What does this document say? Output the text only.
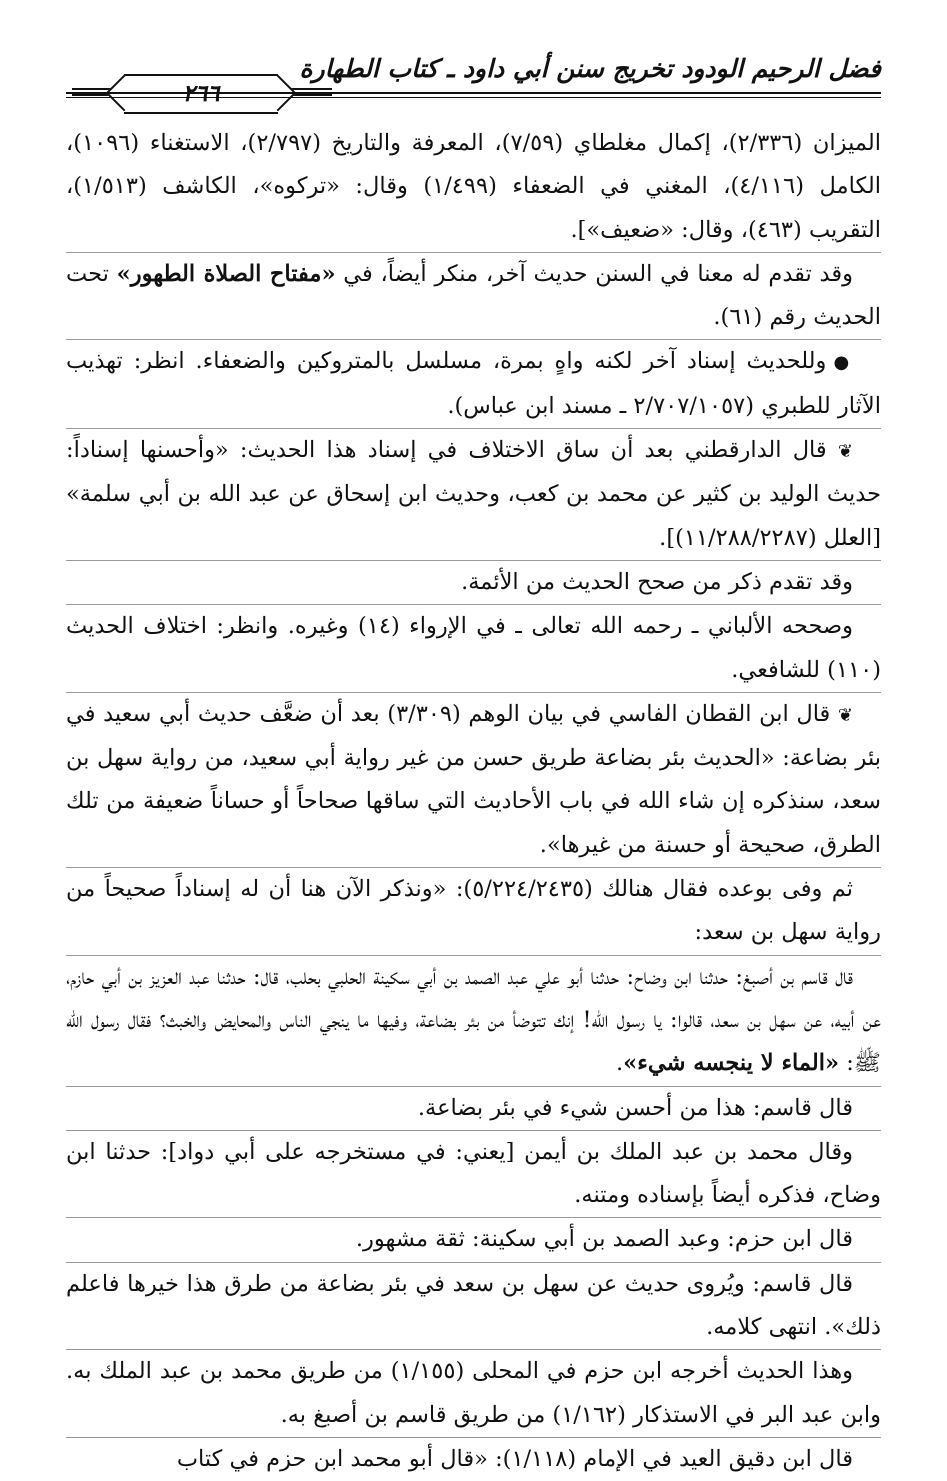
فضل الرحيم الودود تخريج سنن أبي داود ـ كتاب الطهارة
٢٦٦

الميزان (٢/٣٣٦)، إكمال مغلطاي (٧/٥٩)، المعرفة والتاريخ (٢/٧٩٧)، الاستغناء (١٠٩٦)، الكامل (٤/١١٦)، المغني في الضعفاء (١/٤٩٩) وقال: «تركوه»، الكاشف (١/٥١٣)، التقريب (٤٦٣)، وقال: «ضعيف»].

وقد تقدم له معنا في السنن حديث آخر، منكر أيضاً، في «مفتاح الصلاة الطهور» تحت الحديث رقم (٦١).

● وللحديث إسناد آخر لكنه واهٍ بمرة، مسلسل بالمتروكين والضعفاء. انظر: تهذيب الآثار للطبري (٢/٧٠٧/١٠٥٧ ـ مسند ابن عباس).

❦ قال الدارقطني بعد أن ساق الاختلاف في إسناد هذا الحديث: «وأحسنها إسناداً: حديث الوليد بن كثير عن محمد بن كعب، وحديث ابن إسحاق عن عبد الله بن أبي سلمة» [العلل (١١/٢٨٨/٢٢٨٧)].

وقد تقدم ذكر من صحح الحديث من الأئمة.

وصححه الألباني ـ رحمه الله تعالى ـ في الإرواء (١٤) وغيره. وانظر: اختلاف الحديث (١١٠) للشافعي.

❦ قال ابن القطان الفاسي في بيان الوهم (٣/٣٠٩) بعد أن ضعَّف حديث أبي سعيد في بئر بضاعة: «الحديث بئر بضاعة طريق حسن من غير رواية أبي سعيد، من رواية سهل بن سعد، سنذكره إن شاء الله في باب الأحاديث التي ساقها صحاحاً أو حساناً ضعيفة من تلك الطرق، صحيحة أو حسنة من غيرها».

ثم وفى بوعده فقال هنالك (٥/٢٢٤/٢٤٣٥): «ونذكر الآن هنا أن له إسناداً صحيحاً من رواية سهل بن سعد:

قال قاسم بن أصبغ: حدثنا ابن وضاح: حدثنا أبو علي عبد الصمد بن أبي سكينة الحلبي بحلب، قال: حدثنا عبد العزيز بن أبي حازم، عن أبيه، عن سهل بن سعد، قالوا: يا رسول الله! إنك تتوضأ من بئر بضاعة، وفيها ما ينجي الناس والمحايض والخبث؟ فقال رسول الله ﷺ: «الماء لا ينجسه شيء».

قال قاسم: هذا من أحسن شيء في بئر بضاعة.

وقال محمد بن عبد الملك بن أيمن [يعني: في مستخرجه على أبي دواد]: حدثنا ابن وضاح، فذكره أيضاً بإسناده ومتنه.

قال ابن حزم: وعبد الصمد بن أبي سكينة: ثقة مشهور.

قال قاسم: ويُروى حديث عن سهل بن سعد في بئر بضاعة من طرق هذا خيرها فاعلم ذلك». انتهى كلامه.

وهذا الحديث أخرجه ابن حزم في المحلى (١/١٥٥) من طريق محمد بن عبد الملك به. وابن عبد البر في الاستذكار (١/١٦٢) من طريق قاسم بن أصبغ به.

قال ابن دقيق العيد في الإمام (١/١١٨): «قال أبو محمد ابن حزم في كتاب
